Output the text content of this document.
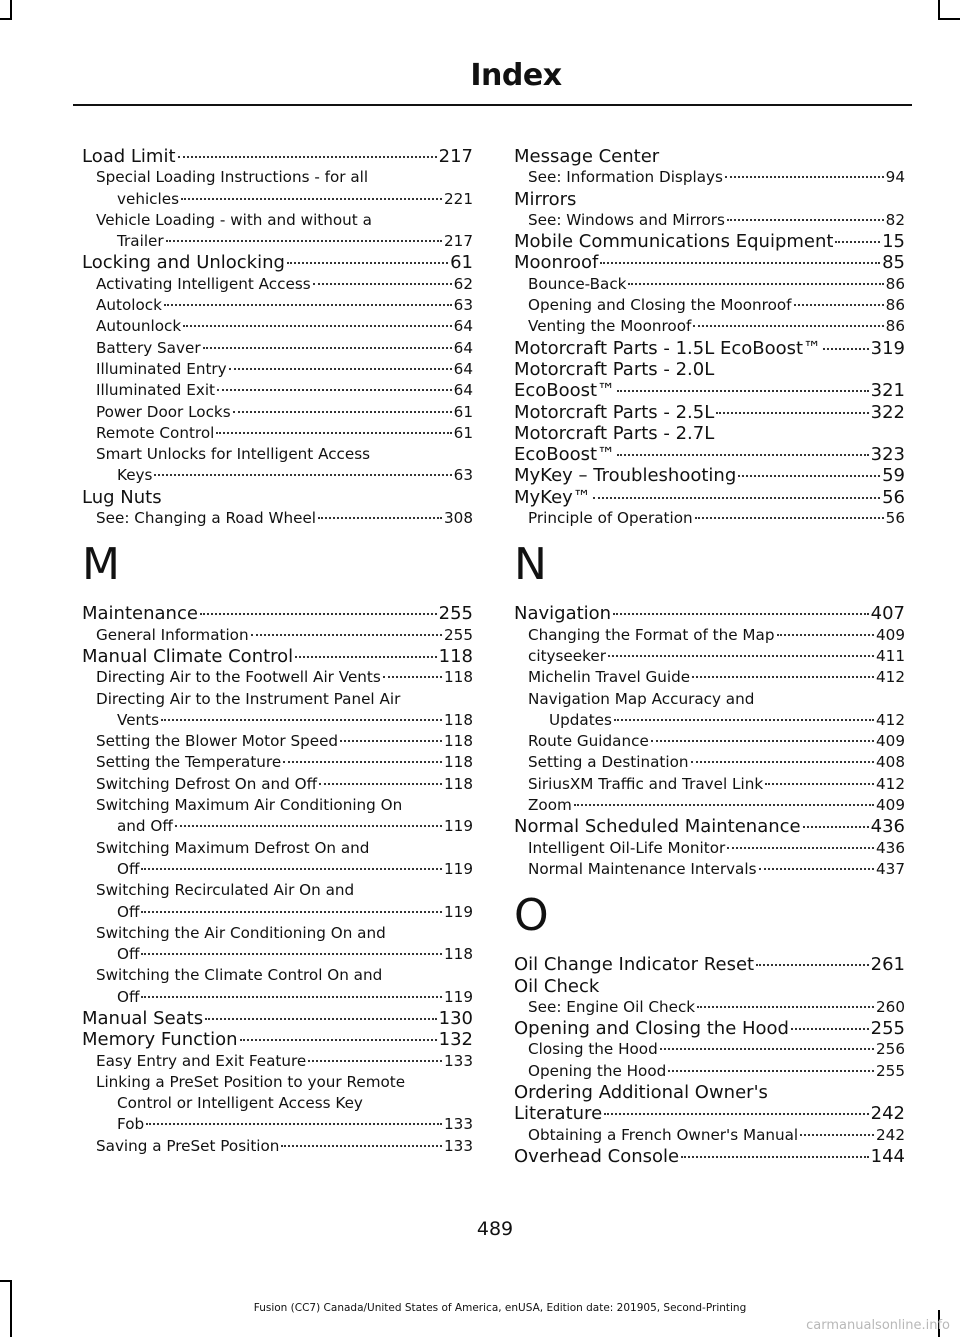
Index
Load Limit	217
Special Loading Instructions - for all
vehicles	221
Vehicle Loading - with and without a
Trailer	217
Locking and Unlocking	61
Activating Intelligent Access	62
Autolock	63
Autounlock	64
Battery Saver	64
Illuminated Entry	64
Illuminated Exit	64
Power Door Locks	61
Remote Control	61
Smart Unlocks for Intelligent Access
Keys	63
Lug Nuts
See: Changing a Road Wheel	308
M
Maintenance	255
General Information	255
Manual Climate Control	118
Directing Air to the Footwell Air Vents	118
Directing Air to the Instrument Panel Air
Vents	118
Setting the Blower Motor Speed	118
Setting the Temperature	118
Switching Defrost On and Off	118
Switching Maximum Air Conditioning On
and Off	119
Switching Maximum Defrost On and
Off	119
Switching Recirculated Air On and
Off	119
Switching the Air Conditioning On and
Off	118
Switching the Climate Control On and
Off	119
Manual Seats	130
Memory Function	132
Easy Entry and Exit Feature	133
Linking a PreSet Position to your Remote
Control or Intelligent Access Key
Fob	133
Saving a PreSet Position	133
Message Center
See: Information Displays	94
Mirrors
See: Windows and Mirrors	82
Mobile Communications Equipment	15
Moonroof	85
Bounce-Back	86
Opening and Closing the Moonroof	86
Venting the Moonroof	86
Motorcraft Parts - 1.5L EcoBoost™	319
Motorcraft Parts - 2.0L
EcoBoost™	321
Motorcraft Parts - 2.5L	322
Motorcraft Parts - 2.7L
EcoBoost™	323
MyKey – Troubleshooting	59
MyKey™	56
Principle of Operation	56
N
Navigation	407
Changing the Format of the Map	409
cityseeker	411
Michelin Travel Guide	412
Navigation Map Accuracy and
Updates	412
Route Guidance	409
Setting a Destination	408
SiriusXM Traffic and Travel Link	412
Zoom	409
Normal Scheduled Maintenance	436
Intelligent Oil-Life Monitor	436
Normal Maintenance Intervals	437
O
Oil Change Indicator Reset	261
Oil Check
See: Engine Oil Check	260
Opening and Closing the Hood	255
Closing the Hood	256
Opening the Hood	255
Ordering Additional Owner's
Literature	242
Obtaining a French Owner's Manual	242
Overhead Console	144
489
Fusion (CC7) Canada/United States of America, enUSA, Edition date: 201905, Second-Printing
carmanualsonline.info
